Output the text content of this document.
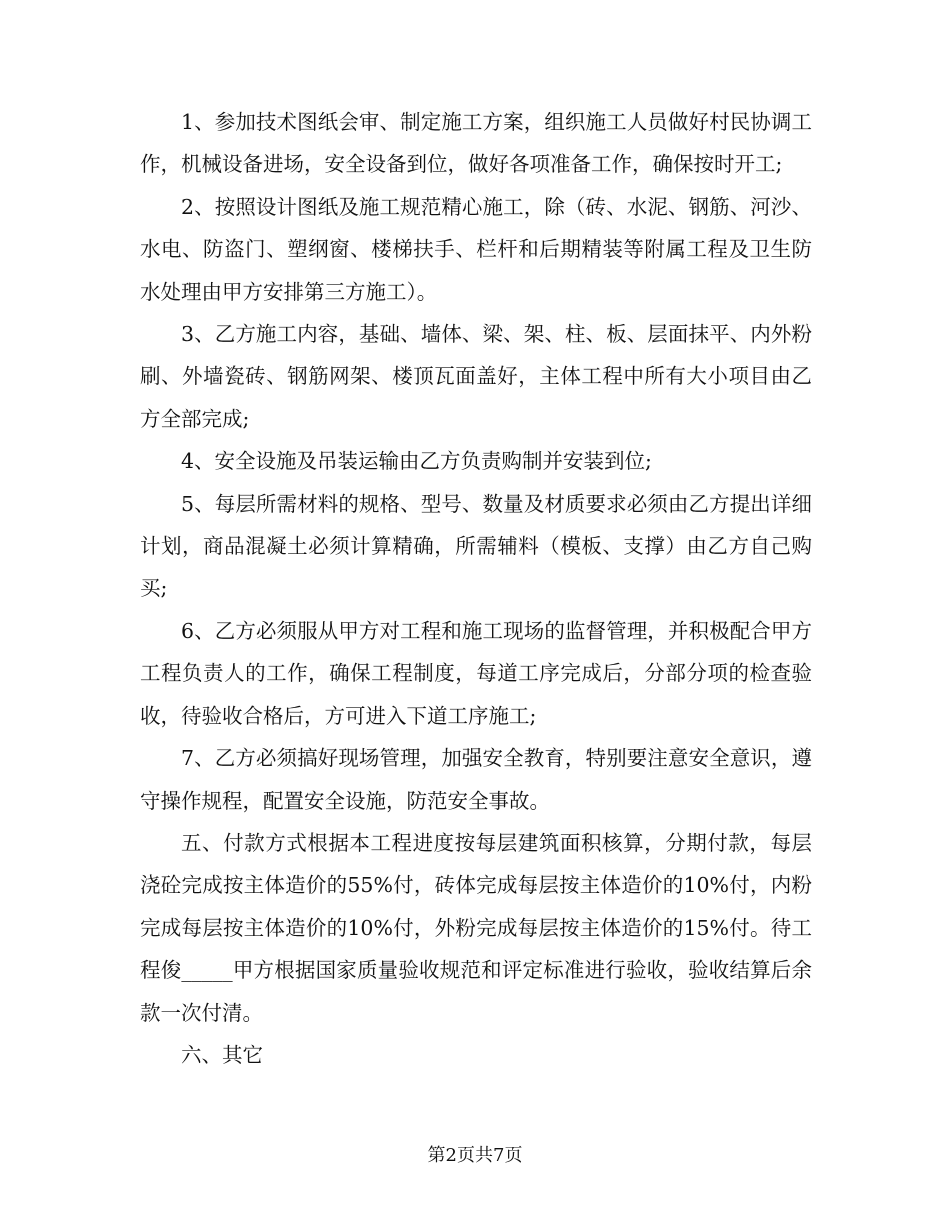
1、参加技术图纸会审、制定施工方案，组织施工人员做好村民协调工作，机械设备进场，安全设备到位，做好各项准备工作，确保按时开工;

2、按照设计图纸及施工规范精心施工，除（砖、水泥、钢筋、河沙、水电、防盗门、塑纲窗、楼梯扶手、栏杆和后期精装等附属工程及卫生防水处理由甲方安排第三方施工）。

3、乙方施工内容，基础、墙体、梁、架、柱、板、层面抹平、内外粉刷、外墙瓷砖、钢筋网架、楼顶瓦面盖好，主体工程中所有大小项目由乙方全部完成;

4、安全设施及吊装运输由乙方负责购制并安装到位;

5、每层所需材料的规格、型号、数量及材质要求必须由乙方提出详细计划，商品混凝土必须计算精确，所需辅料（模板、支撑）由乙方自己购买;

6、乙方必须服从甲方对工程和施工现场的监督管理，并积极配合甲方工程负责人的工作，确保工程制度，每道工序完成后，分部分项的检查验收，待验收合格后，方可进入下道工序施工;

7、乙方必须搞好现场管理，加强安全教育，特别要注意安全意识，遵守操作规程，配置安全设施，防范安全事故。

五、付款方式根据本工程进度按每层建筑面积核算，分期付款，每层浇砼完成按主体造价的55%付，砖体完成每层按主体造价的10%付，内粉完成每层按主体造价的10%付，外粉完成每层按主体造价的15%付。待工程俊_____甲方根据国家质量验收规范和评定标准进行验收，验收结算后余款一次付清。

六、其它

第2页共7页
